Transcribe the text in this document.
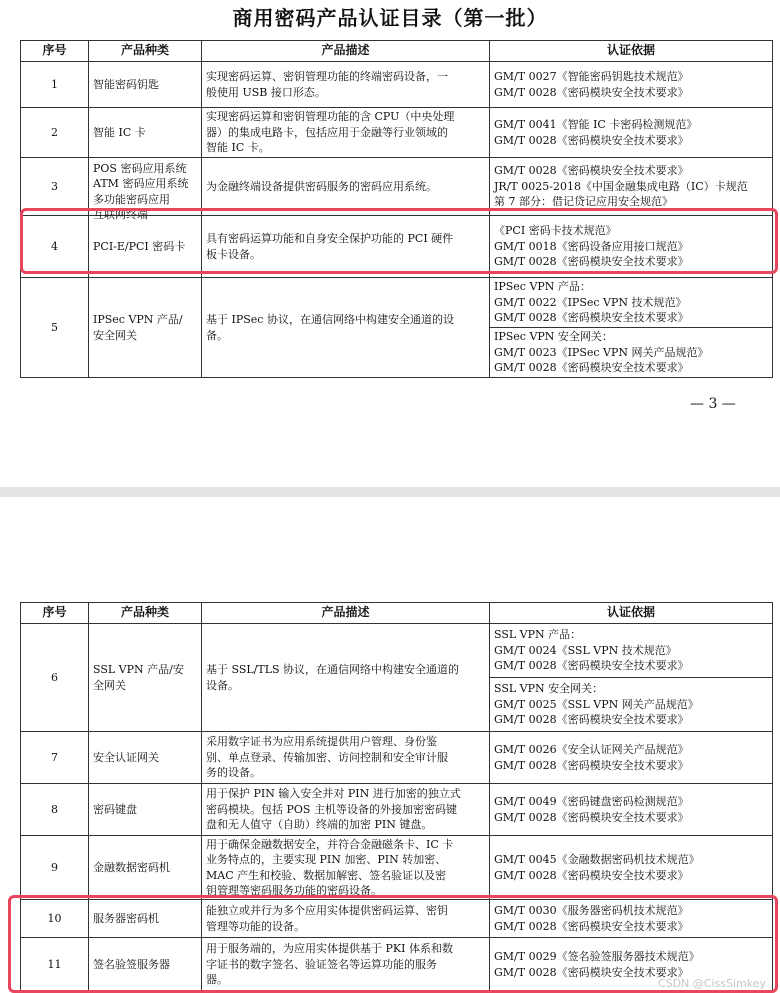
商用密码产品认证目录（第一批）
序号	产品种类	产品描述	认证依据
1	智能密码钥匙	实现密码运算、密钥管理功能的终端密码设备，一
般使用 USB 接口形态。	GM/T 0027《智能密码钥匙技术规范》
GM/T 0028《密码模块安全技术要求》

2	智能 IC 卡	实现密码运算和密钥管理功能的含 CPU（中央处理
器）的集成电路卡，包括应用于金融等行业领域的
智能 IC 卡。	GM/T 0041《智能 IC 卡密码检测规范》
GM/T 0028《密码模块安全技术要求》

3	POS 密码应用系统
ATM 密码应用系统
多功能密码应用
互联网终端	为金融终端设备提供密码服务的密码应用系统。	GM/T 0028《密码模块安全技术要求》
JR/T 0025-2018《中国金融集成电路（IC）卡规范
第 7 部分：借记贷记应用安全规范》

4	PCI-E/PCI 密码卡	具有密码运算功能和自身安全保护功能的 PCI 硬件
板卡设备。	《PCI 密码卡技术规范》
GM/T 0018《密码设备应用接口规范》
GM/T 0028《密码模块安全技术要求》

5	IPSec VPN 产品/
安全网关	基于 IPSec 协议，在通信网络中构建安全通道的设
备。	IPSec VPN 产品：
GM/T 0022《IPSec VPN 技术规范》
GM/T 0028《密码模块安全技术要求》

			IPSec VPN 安全网关：
GM/T 0023《IPSec VPN 网关产品规范》
GM/T 0028《密码模块安全技术要求》
— 3 —
序号	产品种类	产品描述	认证依据
6	SSL VPN 产品/安
全网关	基于 SSL/TLS 协议，在通信网络中构建安全通道的
设备。	SSL VPN 产品：
GM/T 0024《SSL VPN 技术规范》
GM/T 0028《密码模块安全技术要求》

			SSL VPN 安全网关：
GM/T 0025《SSL VPN 网关产品规范》
GM/T 0028《密码模块安全技术要求》

7	安全认证网关	采用数字证书为应用系统提供用户管理、身份鉴
别、单点登录、传输加密、访问控制和安全审计服
务的设备。	GM/T 0026《安全认证网关产品规范》
GM/T 0028《密码模块安全技术要求》

8	密码键盘	用于保护 PIN 输入安全并对 PIN 进行加密的独立式
密码模块。包括 POS 主机等设备的外接加密密码键
盘和无人值守（自助）终端的加密 PIN 键盘。	GM/T 0049《密码键盘密码检测规范》
GM/T 0028《密码模块安全技术要求》

9	金融数据密码机	用于确保金融数据安全，并符合金融磁条卡、IC 卡
业务特点的，主要实现 PIN 加密、PIN 转加密、
MAC 产生和校验、数据加解密、签名验证以及密
钥管理等密码服务功能的密码设备。	GM/T 0045《金融数据密码机技术规范》
GM/T 0028《密码模块安全技术要求》

10	服务器密码机	能独立或并行为多个应用实体提供密码运算、密钥
管理等功能的设备。	GM/T 0030《服务器密码机技术规范》
GM/T 0028《密码模块安全技术要求》

11	签名验签服务器	用于服务端的，为应用实体提供基于 PKI 体系和数
字证书的数字签名、验证签名等运算功能的服务
器。	GM/T 0029《签名验签服务器技术规范》
GM/T 0028《密码模块安全技术要求》
CSDN @CissSimkey
